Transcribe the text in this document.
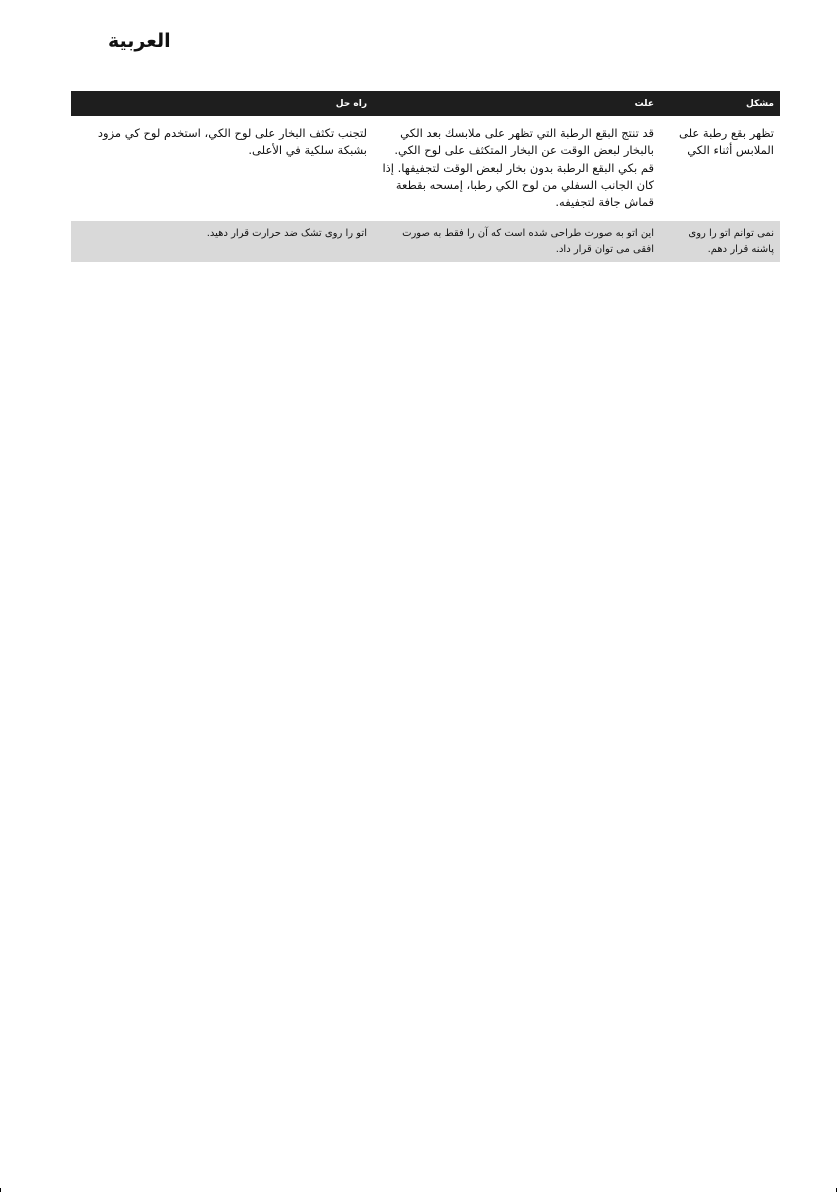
العربية
مشكل	علت	راه حل
تظهر بقع رطبة على الملابس أثناء الكي	قد تنتج البقع الرطبة التي تظهر على ملابسك بعد الكي بالبخار لبعض الوقت عن البخار المتكثف على لوح الكي. قم بكي البقع الرطبة بدون بخار لبعض الوقت لتجفيفها. إذا كان الجانب السفلي من لوح الكي رطبا، إمسحه بقطعة قماش جافة لتجفيفه.	لتجنب تكثف البخار على لوح الكي، استخدم لوح كي مزود بشبكة سلكية في الأعلى.
نمی توانم اتو را روی پاشنه قرار دهم.	این اتو به صورت طراحی شده است که آن را فقط به صورت افقی می توان قرار داد.	اتو را روی تشک ضد حرارت قرار دهید.
